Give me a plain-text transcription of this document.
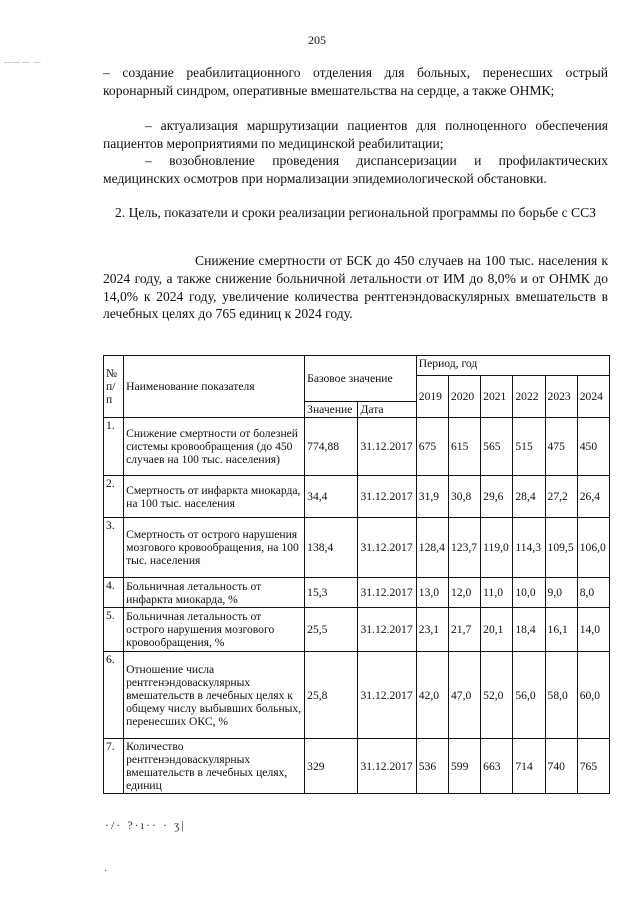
205
—— — —
– создание реабилитационного отделения для больных, перенесших острый коронарный синдром, оперативные вмешательства на сердце, а также ОНМК;
– актуализация маршрутизации пациентов для полноценного обеспечения пациентов мероприятиями по медицинской реабилитации;
– возобновление проведения диспансеризации и профилактических медицинских осмотров при нормализации эпидемиологической обстановки.
2. Цель, показатели и сроки реализации региональной программы по борьбе с ССЗ
Снижение смертности от БСК до 450 случаев на 100 тыс. населения к 2024 году, а также снижение больничной летальности от ИМ до 8,0% и от ОНМК до 14,0% к 2024 году, увеличение количества рентгенэндоваскулярных вмешательств в лечебных целях до 765 единиц к 2024 году.
№ п/п	Наименование показателя	Базовое значение		Период, год					
				2019	2020	2021	2022	2023	2024
		Значение	Дата						
1.	Снижение смертности от болезней системы кровообращения (до 450 случаев на 100 тыс. населения)	774,88	31.12.2017	675	615	565	515	475	450
2.	Смертность от инфаркта миокарда, на 100 тыс. населения	34,4	31.12.2017	31,9	30,8	29,6	28,4	27,2	26,4
3.	Смертность от острого нарушения мозгового кровообращения, на 100 тыс. населения	138,4	31.12.2017	128,4	123,7	119,0	114,3	109,5	106,0
4.	Больничная летальность от инфаркта миокарда, %	15,3	31.12.2017	13,0	12,0	11,0	10,0	9,0	8,0
5.	Больничная летальность от острого нарушения мозгового кровообращения, %	25,5	31.12.2017	23,1	21,7	20,1	18,4	16,1	14,0
6.	Отношение числа рентгенэндоваскулярных вмешательств в лечебных целях к общему числу выбывших больных, перенесших ОКС, %	25,8	31.12.2017	42,0	47,0	52,0	56,0	58,0	60,0
7.	Количество рентгенэндоваскулярных вмешательств в лечебных целях, единиц	329	31.12.2017	536	599	663	714	740	765
·/· ?·ı·· · ʒ|
·
